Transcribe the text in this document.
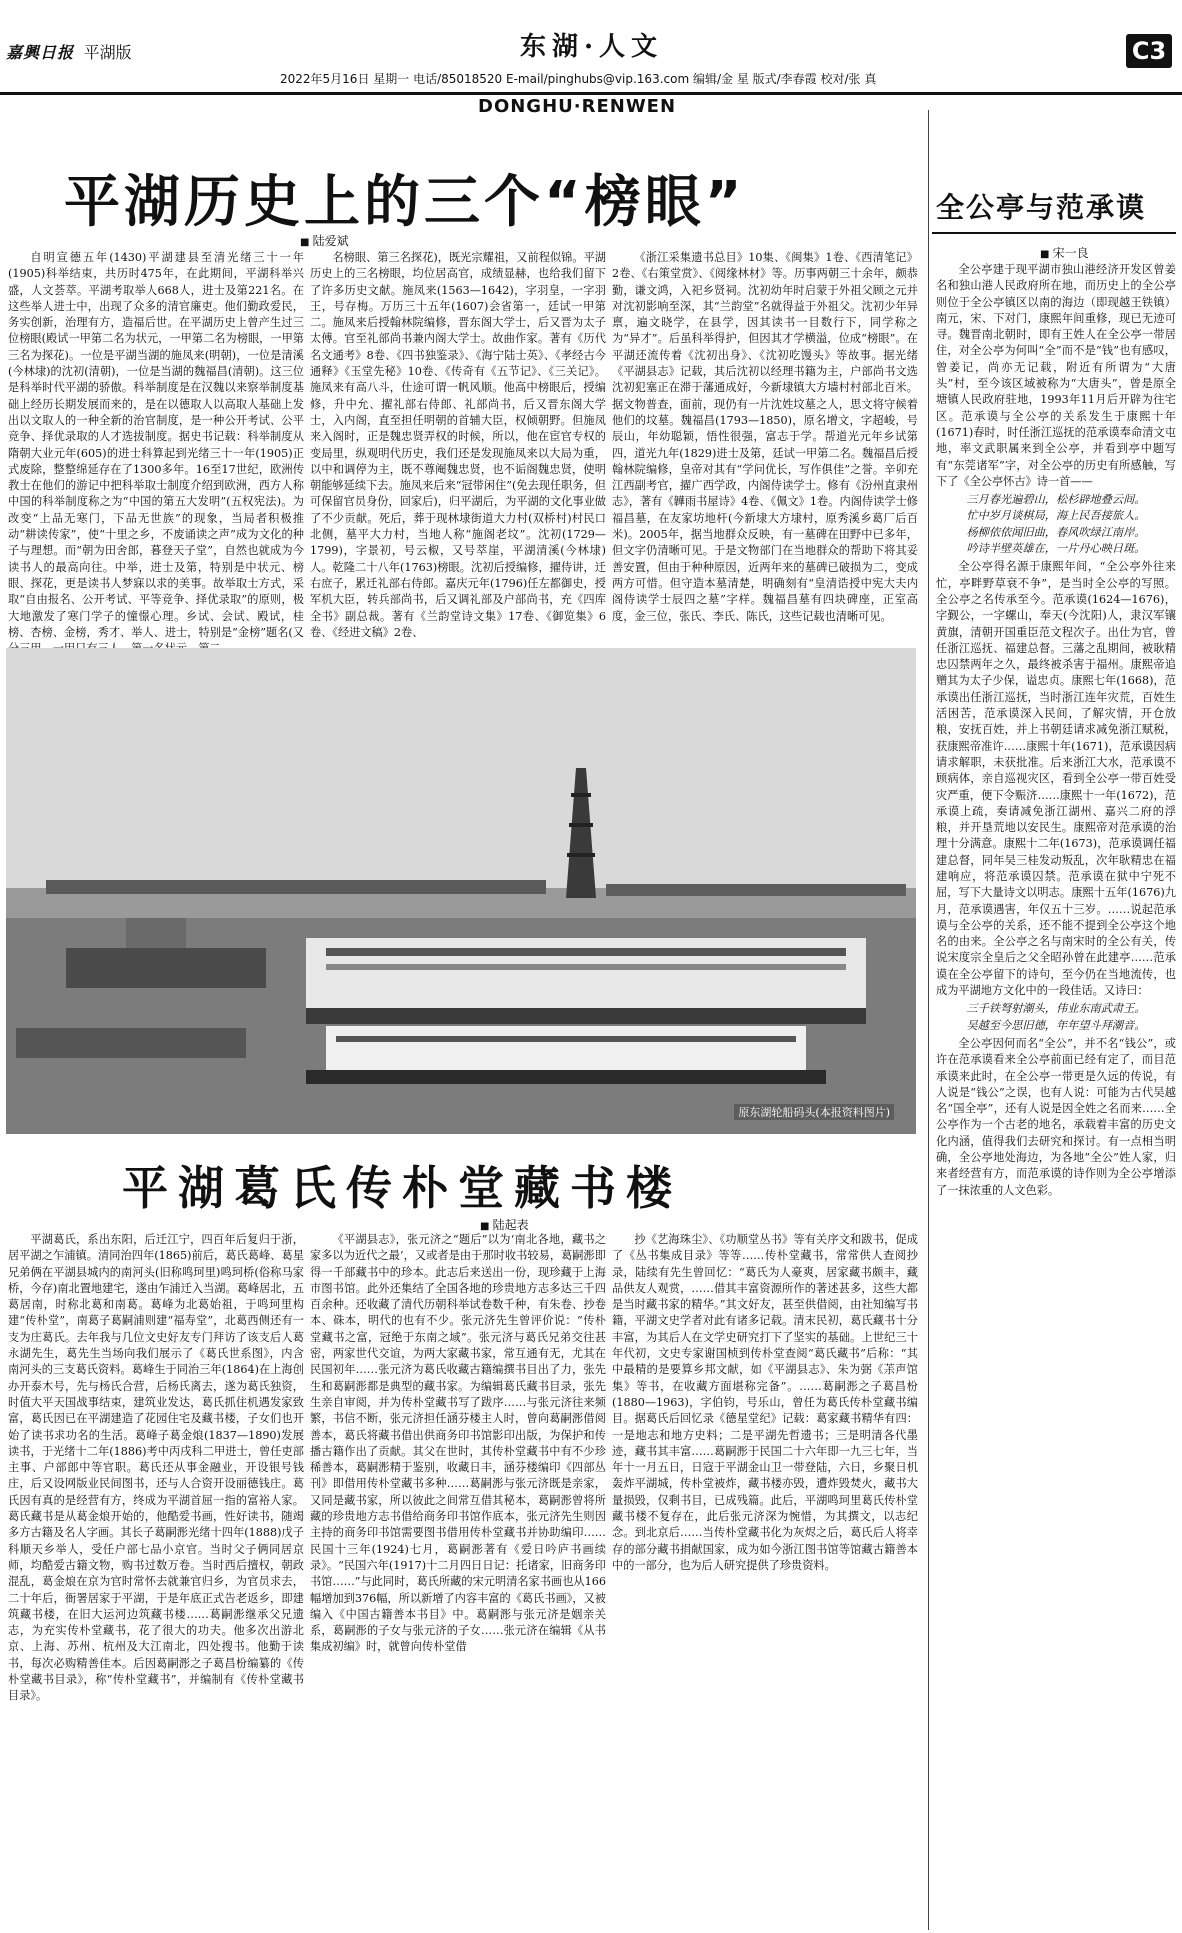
嘉興日报 平湖版	东湖·人文	C3
2022年5月16日 星期一 电话/85018520 E-mail/pinghubs@vip.163.com 编辑/金 星 版式/李春霞 校对/张 真
DONGHU·RENWEN
平湖历史上的三个“榜眼”
■ 陆爱斌

自明宣德五年(1430)平湖建县至清光绪三十一年(1905)科举结束，共历时475年，在此期间，平湖科举兴盛，人文荟萃。平湖考取举人668人，进士及第221名。在这些举人进士中，出现了众多的清官廉吏。他们勤政爱民，务实创新，治理有方，造福后世。在平湖历史上曾产生过三位榜眼(殿试一甲第二名为状元，一甲第二名为榜眼，一甲第三名为探花)。一位是平湖当湖的施凤来(明朝)，一位是清溪(今林埭)的沈初(清朝)，一位是当湖的魏福昌(清朝)。这三位是科举时代平湖的骄傲。科举制度是在汉魏以来察举制度基础上经历长期发展而来的，是在以德取人以高取人基础上发出以文取人的一种全新的治官制度，是一种公开考试、公平竞争、择优录取的人才选拔制度。据史书记载：科举制度从隋朝大业元年(605)的进士科算起到光绪三十一年(1905)正式废除，整整绵延存在了1300多年。16至17世纪，欧洲传教士在他们的游记中把科举取士制度介绍到欧洲，西方人称中国的科举制度称之为“中国的第五大发明”(五权宪法)。为改变“上品无寒门，下品无世族”的现象，当局者积极推动“耕读传家”，使“十里之乡，不废诵读之声”成为文化的种子与理想。而“朝为田舍郎，暮登天子堂”，自然也就成为今读书人的最高向往。中举，进士及第，特别是中状元、榜眼、探花，更是读书人梦寐以求的美事。故举取士方式，采取“自由报名、公开考试、平等竞争、择优录取”的原则，极大地激发了寒门学子的憧憬心理。乡试、会试、殿试，桂榜、杏榜、金榜，秀才、举人、进士，特别是“金榜”题名(又

名榜眼、第三名探花)，既光宗耀祖，又前程似锦。平湖历史上的三名榜眼，均位居高官，成绩显赫，也给我们留下了许多历史文献。施凤来(1563—1642)，字羽皇，一字羽王，号存梅。万历三十五年(1607)会省第一，廷试一甲第二。施凤来后授翰林院编修，晋东阁大学士，后又晋为太子太傅。官至礼部尚书兼内阁大学士。故曲作家。著有《历代名文通考》8卷、《四书独鉴录》、《海宁陆士英》、《孝经古今通释》《玉堂先秘》10卷、《传奇有《五节记》、《三关记》。施凤来有高八斗，仕途可谓一帆风顺。他高中榜眼后，授编修，升中允、擢礼部右侍郎、礼部尚书，后又晋东阁大学士，入内阁，直至担任明朝的首辅大臣，权倾朝野。但施凤来入阁时，正是魏忠贤弄权的时候，所以，他在宦官专权的变局里，纵观明代历史，我们还是发现施凤来以大局为重，以中和调停为主，既不尊阉魏忠贤，也不诟阁魏忠贤，使明朝能够延续下去。施凤来后来“冠带闲住”(免去现任职务，但可保留官员身份，回家后)，归平湖后，为平湖的文化事业做了不少贡献。死后，葬于现林埭街道大力村(双桥村)村民口北侧，墓平大力村，当地人称“施阁老坟”。沈初(1729—1799)，字景初，号云椒，又号萃崖，平湖清溪(今林埭)人。乾隆二十八年(1763)榜眼。沈初后授编修，擢侍讲，迁右庶子，累迁礼部右侍郎。嘉庆元年(1796)任左都御史，授军机大臣，转兵部尚书，后又调礼部及户部尚书，充《四库全书》副总裁。著有《兰韵堂诗文集》17卷、《御览集》6卷、《经进文稿》2卷、

《浙江采集遗书总目》10集、《闽集》1卷、《西清笔记》2卷、《右策堂赏》、《阅缘林材》等。历事两朝三十余年，颇恭勤，谦文鸿，入祀乡贤祠。沈初幼年时启蒙于外祖父顾之元并对沈初影响至深，其“兰韵堂”名就得益于外祖父。沈初少年异禀，遍文晓学，在县学，因其读书一目数行下，同学称之为“异才”。后虽科举得护，但因其才学横溢，位成“榜眼”。在平湖还流传着《沈初出身》、《沈初吃馒头》等故事。据光绪《平湖县志》记载，其后沈初以经理书籍为主，户部尚书文选沈初犯塞正在滞于藩通成好，今新埭镇大方墙村村部北百米。据文物普查，面前，现仍有一片沈姓坟墓之人，思文将守候着他们的坟墓。魏福昌(1793—1850)，原名增文，字超峻，号辰山，年幼聪颖，悟性很强，富志于学。帮道光元年乡试第四，道光九年(1829)进士及第，廷试一甲第二名。魏福昌后授翰林院编修，皇帝对其有“学问优长，写作俱佳”之誉。辛卯充江西副考官，擢广西学政，内阁侍读学士。修有《汾州直隶州志》，著有《韡雨书屋诗》4卷、《佩文》1卷。内阁侍读学士修福昌墓，在友家坊地杆(今新埭大方埭村，原秀溪乡葛厂后百米)。2005年，据当地群众反映，有一墓碑在田野中已多年，但文字仍清晰可见。于是文物部门在当地群众的帮助下将其妥善安置，但由于种种原因，近两年来的墓碑已破损为二，变成两方可惜。但守造本墓清楚，明确刻有“皇清诰授中宪大夫内阁侍读学士辰四之墓”字样。魏福昌墓有四块碑座，正室高度，金三位，张氏、李氏、陈氏，这些记载也清晰可见。

原东湖轮船码头(本报资料图片)
平湖葛氏传朴堂藏书楼
■ 陆起表

平湖葛氏，系出东阳，后迁江宁，四百年后复归于浙，居平湖之乍浦镇。清同治四年(1865)前后，葛氏葛峰、葛星兄弟俩在平湖县城内的南河头(旧称鸣珂里)鸣珂桥(俗称马家桥，今存)南北置地建宅，遂由乍浦迁入当湖。葛峰居北，五葛居南，时称北葛和南葛。葛峰为北葛始祖，于鸣珂里构建“传朴堂”，南葛子葛嗣浦则建“福寿堂”，北葛西侧还有一支为庄葛氏。去年我与几位文史好友专门拜访了该支后人葛永湖先生，葛先生当场向我们展示了《葛氏世系图》，内含南河头的三支葛氏资料。葛峰生于同治三年(1864)在上海创办开泰木号，先与杨氏合营，后杨氏离去，遂为葛氏独资，时值大平天国战事结束，建筑业发达，葛氏抓住机遇发家致富，葛氏因已在平湖建造了花园住宅及藏书楼，子女们也开始了读书求功名的生活。葛峰子葛金烺(1837—1890)发展读书，于光绪十二年(1886)考中丙戌科二甲进士，曾任吏部主事、户部郎中等官职。葛氏还从事金融业，开设银号钱庄，后又设网版业民间图书，还与人合资开设丽德钱庄。葛氏因有真的是经营有方，终成为平湖首屈一指的富裕人家。葛氏藏书是从葛金烺开始的，他酷爱书画，性好读书，随竭多方古籍及名人字画。其长子葛嗣浵光绪十四年(1888)戊子科顺天乡举人，受任户部七品小京官。当时父子俩同居京师，均酷爱古籍文物，购书过数万卷。当时西后擅权，朝政混乱，葛金烺在京为官时常怀去就兼官归乡，为官员求去，二十年后，衙署居家于平湖，于是年底正式告老返乡，即建筑藏书楼，在旧大运河边筑藏书楼……葛嗣浵继承父兄遗志，为充实传朴堂藏书，花了很大的功夫。他多次出游北京、上海、苏州、杭州及大江南北，四处搜书。他勤于读书，每次必购精善佳本。后因葛嗣浵之子葛昌枌编纂的《传朴堂藏书目录》，称“传朴堂藏书”，并编制有《传朴堂藏书目录》。

《平湖县志》，张元济之“题后”以为‘南北各地，藏书之家多以为近代之最’，又或者是由于那时收书较易，葛嗣浵即得一千部藏书中的珍本。此志后来送出一份，现珍藏于上海市图书馆。此外还集结了全国各地的珍贵地方志多达三千四百余种。还收藏了清代历朝科举试卷数千种，有朱卷、抄卷本、硃本，明代的也有不少。张元济先生曾评价说：“传朴堂藏书之富，冠绝于东南之域”。张元济与葛氏兄弟交往甚密，两家世代交谊，为两大家藏书家，常互通有无，尤其在民国初年……张元济为葛氏收藏古籍编撰书目出了力，张先生和葛嗣浵都是典型的藏书家。为编辑葛氏藏书目录，张先生亲自审阅，并为传朴堂藏书写了跋序……与张元济往来频繁，书信不断，张元济担任涵芬楼主人时，曾向葛嗣浵借阅善本，葛氏将藏书借出供商务印书馆影印出版，为保护和传播古籍作出了贡献。其父在世时，其传朴堂藏书中有不少珍稀善本，葛嗣浵精于鉴别，收藏日丰，涵芬楼编印《四部丛刊》即借用传朴堂藏书多种……葛嗣浵与张元济既是亲家，又同是藏书家，所以彼此之间常互借其秘本，葛嗣浵曾将所藏的珍贵地方志书借给商务印书馆作底本，张元济先生则因主持的商务印书馆需要图书借用传朴堂藏书并协助编印……民国十三年(1924)七月，葛嗣浵著有《爱日吟庐书画续录》。“民国六年(1917)十二月四日日记：托诸家，旧商务印书馆……”与此同时，葛氏所藏的宋元明清名家书画也从166幅增加到376幅，所以新增了内容丰富的《葛氏书画》，又被编入《中国古籍善本书目》中。葛嗣浵与张元济是姻亲关系，葛嗣浵的子女与张元济的子女……张元济在编辑《从书集成初编》时，就曾向传朴堂借

抄《艺海珠尘》、《功顺堂丛书》等有关序文和跋书，促成了《丛书集成目录》等等……传朴堂藏书，常常供人查阅抄录，陆续有先生曾回忆：“葛氏为人豪爽，居家藏书颇丰，藏品供友人观赏，……借其丰富资源所作的著述甚多，这些大都是当时藏书家的精华。”其文好友，甚至供借阅，由社知编写书籍，平湖文史学者对此有诸多记载。清末民初，葛氏藏书十分丰富，为其后人在文学史研究打下了坚实的基础。上世纪三十年代初，文史专家谢国桢到传朴堂查阅“葛氏藏书”后称：“其中最精的是要算乡邦文献，如《平湖县志》、朱为弼《茮声馆集》等书，在收藏方面堪称完备”。……葛嗣浵之子葛昌枌(1880—1963)，字伯钧，号乐山，曾任为葛氏传朴堂藏书编目。据葛氏后回忆录《德星堂纪》记载：葛家藏书精华有四：一是地志和地方史料；二是平湖先哲遗书；三是明清各代墨迹，藏书其丰富……葛嗣浵于民国二十六年即一九三七年，当年十一月五日，日寇于平湖金山卫一带登陆，六日，乡聚日机轰炸平湖城，传朴堂被炸，藏书楼亦毁，遭炸毁焚火，藏书大量损毁，仅剩书目，已成残篇。此后，平湖鸣珂里葛氏传朴堂藏书楼不复存在，此后张元济深为惋惜，为其撰文，以志纪念。到北京后……当传朴堂藏书化为灰烬之后，葛氏后人将幸存的部分藏书捐献国家，成为如今浙江图书馆等馆藏古籍善本中的一部分，也为后人研究提供了珍贵资料。

全公亭与范承谟
■ 宋一良

全公亭建于现平湖市独山港经济开发区曾姜名和独山港人民政府所在地，而历史上的全公亭则位于全公亭镇区以南的海边（即现越王铁镇）南元，宋、下对门，康熙年间重修，现已无迹可寻。魏晋南北朝时，即有王姓人在全公亭一带居住，对全公亭为何叫“全”而不是“钱”也有感叹，曾姜记，尚亦无记载，附近有所谓为“大唐头”村，至今该区域被称为“大唐头”，曾是原全塘镇人民政府驻地，1993年11月后开辟为往宅区。范承谟与全公亭的关系发生于康熙十年(1671)春时，时任浙江巡抚的范承谟奉命清文屯地，率文武职属来到全公亭，并看到亭中题写有“东莞诸军”字，对全公亭的历史有所感触，写下了《全公亭怀古》诗一首——

三月春光遍碧山，松杉辟地叠云间。
忙中岁月谈棋局，海上民吾接旅人。
杨柳依依闻旧曲，春风吹绿江南岸。
吟诗半壁英雄在，一片丹心映日斑。

全公亭得名源于康熙年间，“全公亭外往来忙，亭畔野草衰不争”，是当时全公亭的写照。全公亭之名传承至今。范承谟(1624—1676)，字觐公，一字螺山，奉天(今沈阳)人，隶汉军镶黄旗，清朝开国重臣范文程次子。出仕为官，曾任浙江巡抚、福建总督。三藩之乱期间，被耿精忠囚禁两年之久，最终被杀害于福州。康熙帝追赠其为太子少保，谥忠贞。康熙七年(1668)，范承谟出任浙江巡抚，当时浙江连年灾荒，百姓生活困苦，范承谟深入民间，了解灾情，开仓放粮，安抚百姓，并上书朝廷请求减免浙江赋税，获康熙帝准许……康熙十年(1671)，范承谟因病请求解职，未获批准。后来浙江大水，范承谟不顾病体，亲自巡视灾区，看到全公亭一带百姓受灾严重，便下令赈济……康熙十一年(1672)，范承谟上疏，奏请减免浙江湖州、嘉兴二府的浮粮，并开垦荒地以安民生。康熙帝对范承谟的治理十分满意。康熙十二年(1673)，范承谟调任福建总督，同年吴三桂发动叛乱，次年耿精忠在福建响应，将范承谟囚禁。范承谟在狱中宁死不屈，写下大量诗文以明志。康熙十五年(1676)九月，范承谟遇害，年仅五十三岁。……说起范承谟与全公亭的关系，还不能不提到全公亭这个地名的由来。全公亭之名与南宋时的全公有关，传说宋度宗全皇后之父全昭孙曾在此建亭……范承谟在全公亭留下的诗句，至今仍在当地流传，也成为平湖地方文化中的一段佳话。又诗曰：

三千铁弩射潮头，伟业东南武肃王。
吴越至今思旧德，年年望斗拜潮音。

全公亭因何而名“全公”，并不名“钱公”，或许在范承谟看来全公亭前面已经有定了，而目范承谟来此时，在全公亭一带更是久远的传说，有人说是“钱公”之误，也有人说：可能为古代吴越名“国全亭”，还有人说是因全姓之名而来……全公亭作为一个古老的地名，承载着丰富的历史文化内涵，值得我们去研究和探讨。有一点相当明确，全公亭地处海边，为各地“全公”姓人家，归来者经营有方，而范承谟的诗作则为全公亭增添了一抹浓重的人文色彩。
